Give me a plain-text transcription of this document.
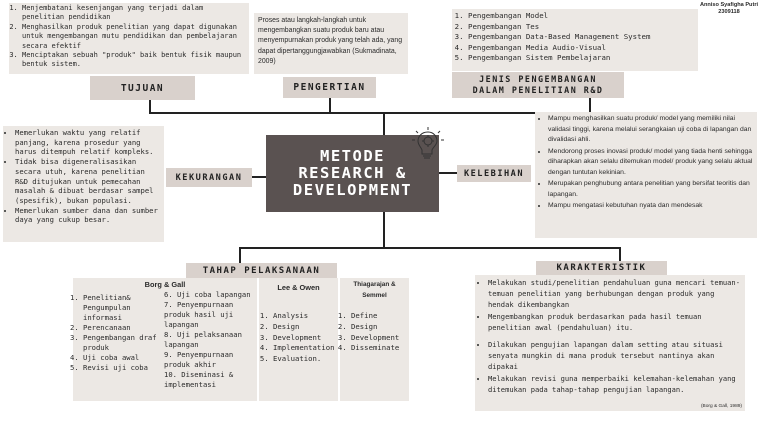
Anniso Syafigha Putri
2309118
1. Menjembatani kesenjangan yang terjadi dalam penelitian pendidikan
2. Menghasilkan produk penelitian yang dapat digunakan untuk mengembangan mutu pendidikan dan pembelajaran secara efektif
3. Menciptakan sebuah "produk" baik bentuk fisik maupun bentuk sistem.
TUJUAN
Proses atau langkah-langkah untuk mengembangkan suatu produk baru atau menyempurnakan produk yang telah ada, yang dapat dipertanggungjawabkan (Sukmadinata, 2009)
PENGERTIAN
1. Pengembangan Model
2. Pengembangan Tes
3. Pengembangan Data-Based Management System
4. Pengembangan Media Audio-Visual
5. Pengembangan Sistem Pembelajaran
JENIS PENGEMBANGAN
DALAM PENELITIAN R&D
METODE
RESEARCH &
DEVELOPMENT
• Memerlukan waktu yang relatif panjang, karena prosedur yang harus ditempuh relatif kompleks.
• Tidak bisa digeneralisasikan secara utuh, karena penelitian R&D ditujukan untuk pemecahan masalah & dibuat berdasar sampel (spesifik), bukan populasi.
• Memerlukan sumber dana dan sumber daya yang cukup besar.
KEKURANGAN	KELEBIHAN
• Mampu menghasilkan suatu produk/ model yang memiliki nilai validasi tinggi, karena melalui serangkaian uji coba di lapangan dan divalidasi ahli.
• Mendorong proses inovasi produk/ model yang tiada henti sehingga diharapkan akan selalu ditemukan model/ produk yang selalu aktual dengan tuntutan kekinian.
• Merupakan penghubung antara penelitian yang bersifat teoritis dan lapangan.
• Mampu mengatasi kebutuhan nyata dan mendesak
TAHAP PELAKSANAAN
Borg & Gall
1. Penelitian& Pengumpulan informasi
2. Perencanaan
3. Pengembangan draf produk
4. Uji coba awal
5. Revisi uji coba
6. Uji coba lapangan
7. Penyempurnaan produk hasil uji lapangan
8. Uji pelaksanaan lapangan
9. Penyempurnaan produk akhir
10. Diseminasi & implementasi
Lee & Owen
1. Analysis
2. Design
3. Development
4. Implementation
5. Evaluation.
Thiagarajan &
Semmel
1. Define
2. Design
3. Development
4. Disseminate
KARAKTERISTIK
• Melakukan studi/penelitian pendahuluan guna mencari temuan-temuan penelitian yang berhubungan dengan produk yang hendak dikembangkan
• Mengembangkan produk berdasarkan pada hasil temuan penelitian awal (pendahuluan) itu.
• Dilakukan pengujian lapangan dalam setting atau situasi senyata mungkin di mana produk tersebut nantinya akan dipakai
• Melakukan revisi guna memperbaiki kelemahan-kelemahan yang ditemukan pada tahap-tahap pengujian lapangan.
(Borg & Gall, 1989)
